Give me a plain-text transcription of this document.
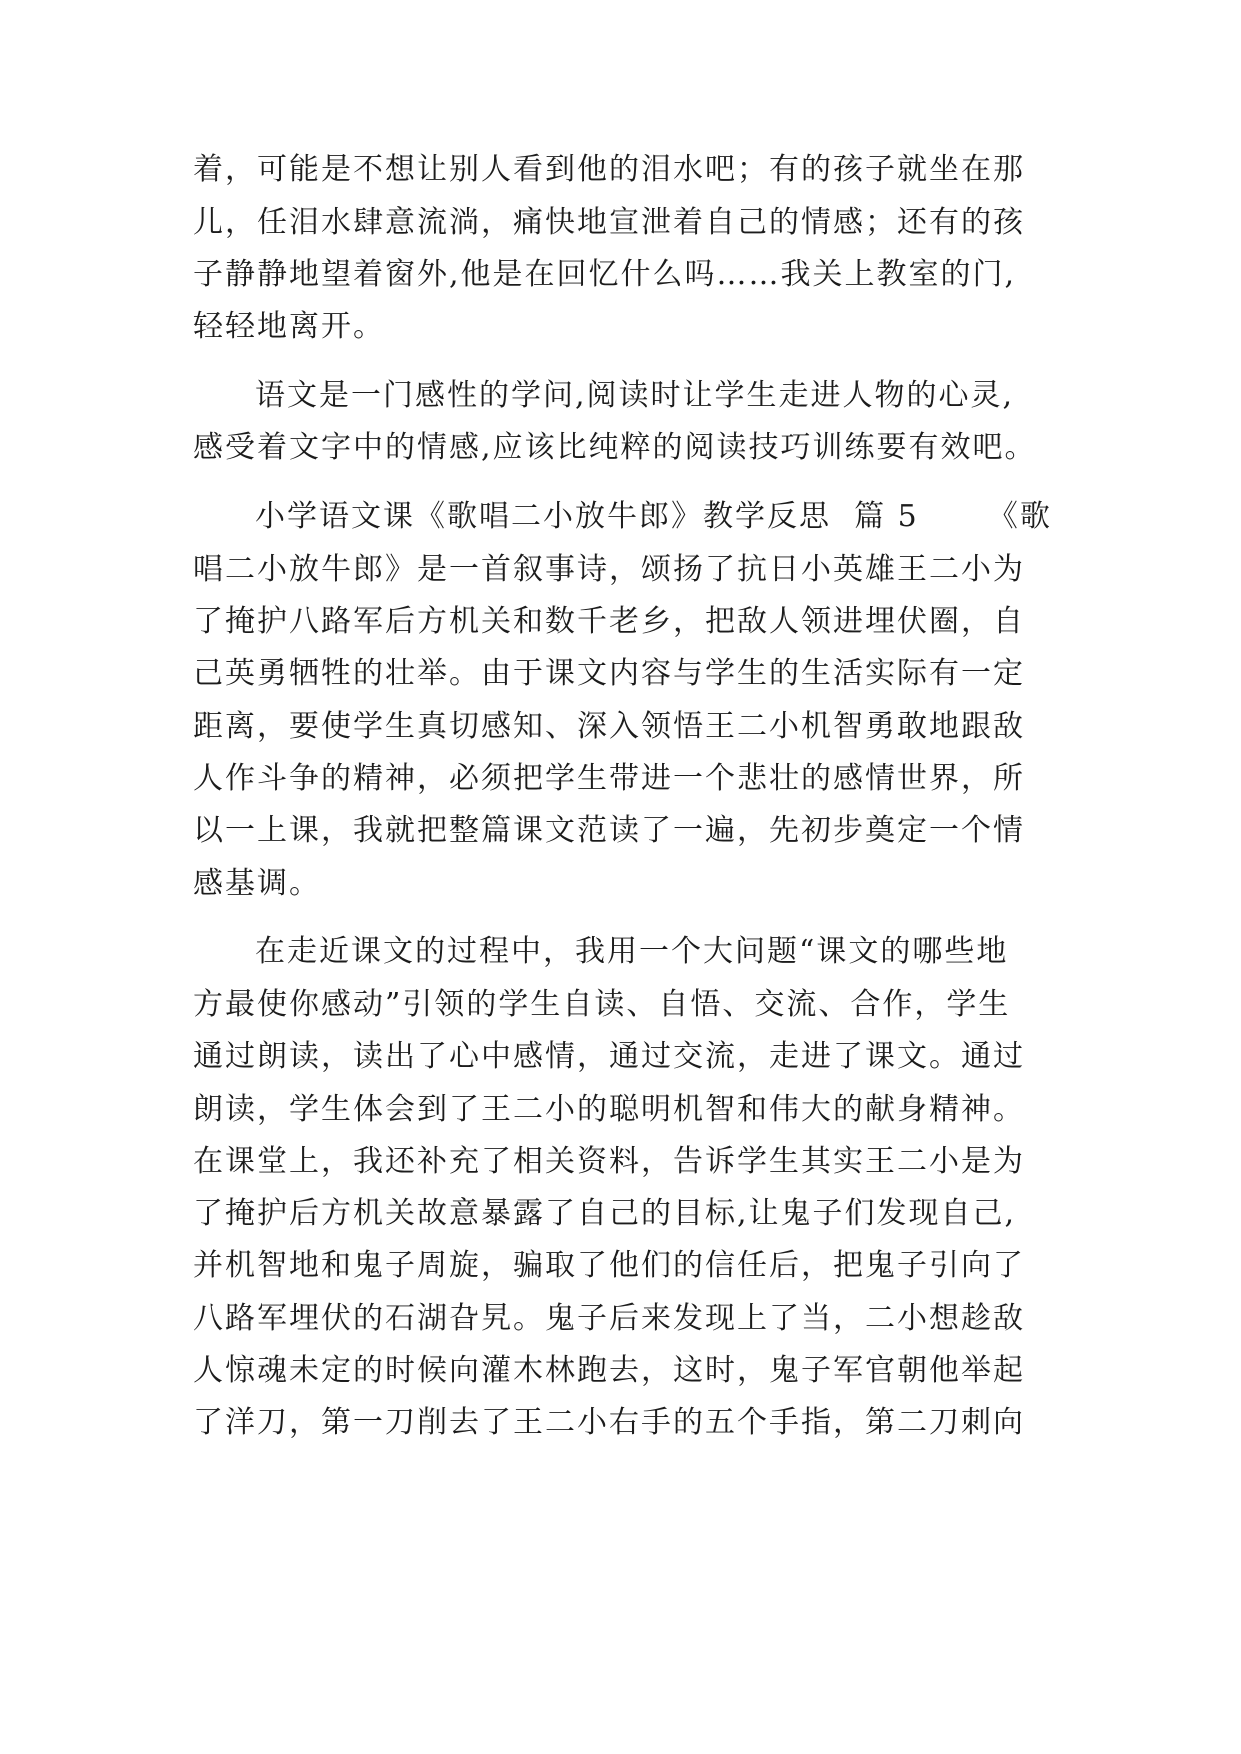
着，可能是不想让别人看到他的泪水吧；有的孩子就坐在那
儿，任泪水肆意流淌，痛快地宣泄着自己的情感；还有的孩
子静静地望着窗外,他是在回忆什么吗……我关上教室的门,
轻轻地离开。
语文是一门感性的学问,阅读时让学生走进人物的心灵,
感受着文字中的情感,应该比纯粹的阅读技巧训练要有效吧。
小学语文课《歌唱二小放牛郎》教学反思  篇 5      《歌
唱二小放牛郎》是一首叙事诗，颂扬了抗日小英雄王二小为
了掩护八路军后方机关和数千老乡，把敌人领进埋伏圈，自
己英勇牺牲的壮举。由于课文内容与学生的生活实际有一定
距离，要使学生真切感知、深入领悟王二小机智勇敢地跟敌
人作斗争的精神，必须把学生带进一个悲壮的感情世界，所
以一上课，我就把整篇课文范读了一遍，先初步奠定一个情
感基调。
在走近课文的过程中，我用一个大问题“课文的哪些地
方最使你感动”引领的学生自读、自悟、交流、合作，学生
通过朗读，读出了心中感情，通过交流，走进了课文。通过
朗读，学生体会到了王二小的聪明机智和伟大的献身精神。
在课堂上，我还补充了相关资料，告诉学生其实王二小是为
了掩护后方机关故意暴露了自己的目标,让鬼子们发现自己,
并机智地和鬼子周旋，骗取了他们的信任后，把鬼子引向了
八路军埋伏的石湖旮旯。鬼子后来发现上了当，二小想趁敌
人惊魂未定的时候向灌木林跑去，这时，鬼子军官朝他举起
了洋刀，第一刀削去了王二小右手的五个手指，第二刀刺向
